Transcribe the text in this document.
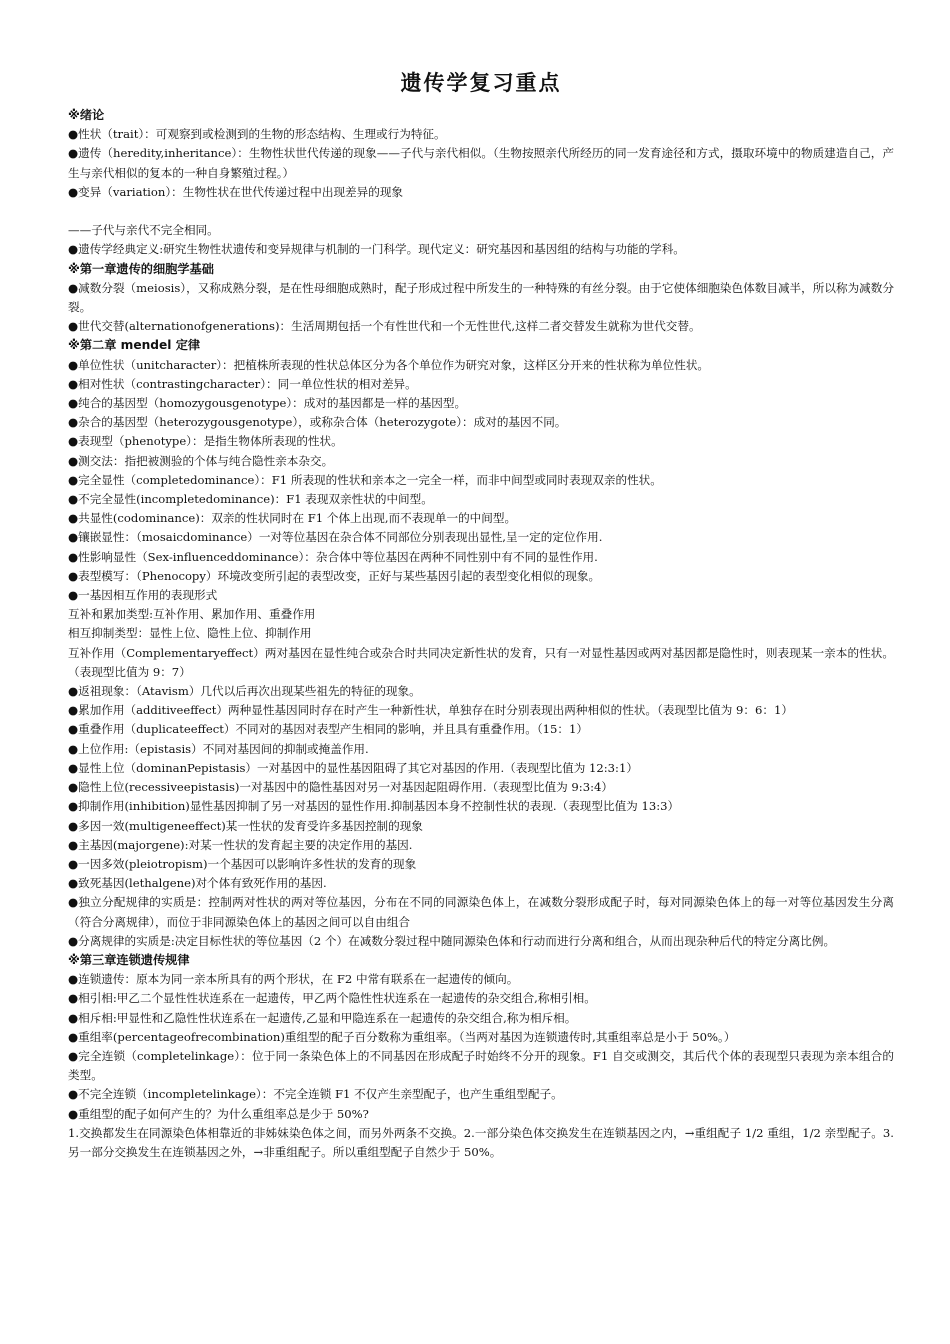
遗传学复习重点

※绪论

●性状（trait）：可观察到或检测到的生物的形态结构、生理或行为特征。

●遗传（heredity,inheritance）：生物性状世代传递的现象——子代与亲代相似。（生物按照亲代所经历的同一发育途径和方式，摄取环境中的物质建造自己，产生与亲代相似的复本的一种自身繁殖过程。）

●变异（variation）：生物性状在世代传递过程中出现差异的现象

——子代与亲代不完全相同。

●遗传学经典定义:研究生物性状遗传和变异规律与机制的一门科学。现代定义：研究基因和基因组的结构与功能的学科。

※第一章遗传的细胞学基础

●减数分裂（meiosis），又称成熟分裂，是在性母细胞成熟时，配子形成过程中所发生的一种特殊的有丝分裂。由于它使体细胞染色体数目减半，所以称为减数分裂。

●世代交替(alternationofgenerations)：生活周期包括一个有性世代和一个无性世代,这样二者交替发生就称为世代交替。

※第二章 mendel 定律

●单位性状（unitcharacter）：把植株所表现的性状总体区分为各个单位作为研究对象，这样区分开来的性状称为单位性状。

●相对性状（contrastingcharacter）：同一单位性状的相对差异。

●纯合的基因型（homozygousgenotype）：成对的基因都是一样的基因型。

●杂合的基因型（heterozygousgenotype），或称杂合体（heterozygote）：成对的基因不同。

●表现型（phenotype）：是指生物体所表现的性状。

●测交法：指把被测验的个体与纯合隐性亲本杂交。

●完全显性（completedominance）：F1 所表现的性状和亲本之一完全一样，而非中间型或同时表现双亲的性状。

●不完全显性(incompletedominance)：F1 表现双亲性状的中间型。

●共显性(codominance)：双亲的性状同时在 F1 个体上出现,而不表现单一的中间型。

●镶嵌显性：（mosaicdominance）一对等位基因在杂合体不同部位分别表现出显性,呈一定的定位作用.

●性影响显性（Sex-influenceddominance）：杂合体中等位基因在两种不同性别中有不同的显性作用.

●表型模写：（Phenocopy）环境改变所引起的表型改变，正好与某些基因引起的表型变化相似的现象。

●一基因相互作用的表现形式

互补和累加类型:互补作用、累加作用、重叠作用

相互抑制类型：显性上位、隐性上位、抑制作用

互补作用（Complementaryeffect）两对基因在显性纯合或杂合时共同决定新性状的发育，只有一对显性基因或两对基因都是隐性时，则表现某一亲本的性状。（表现型比值为 9：7）

●返祖现象：（Atavism）几代以后再次出现某些祖先的特征的现象。

●累加作用（additiveeffect）两种显性基因同时存在时产生一种新性状，单独存在时分别表现出两种相似的性状。（表现型比值为 9：6：1）

●重叠作用（duplicateeffect）不同对的基因对表型产生相同的影响，并且具有重叠作用。（15：1）

●上位作用:（epistasis）不同对基因间的抑制或掩盖作用.

●显性上位（dominanPepistasis）一对基因中的显性基因阻碍了其它对基因的作用.（表现型比值为 12:3:1）

●隐性上位(recessiveepistasis)一对基因中的隐性基因对另一对基因起阻碍作用.（表现型比值为 9:3:4）

●抑制作用(inhibition)显性基因抑制了另一对基因的显性作用.抑制基因本身不控制性状的表现.（表现型比值为 13:3）

●多因一效(multigeneeffect)某一性状的发育受许多基因控制的现象

●主基因(majorgene):对某一性状的发育起主要的决定作用的基因.

●一因多效(pleiotropism)一个基因可以影响许多性状的发育的现象

●致死基因(lethalgene)对个体有致死作用的基因.

●独立分配规律的实质是：控制两对性状的两对等位基因，分布在不同的同源染色体上，在减数分裂形成配子时，每对同源染色体上的每一对等位基因发生分离（符合分离规律），而位于非同源染色体上的基因之间可以自由组合

●分离规律的实质是:决定目标性状的等位基因（2 个）在减数分裂过程中随同源染色体和行动而进行分离和组合，从而出现杂种后代的特定分离比例。

※第三章连锁遗传规律

●连锁遗传：原本为同一亲本所具有的两个形状，在 F2 中常有联系在一起遗传的倾向。

●相引相:甲乙二个显性性状连系在一起遗传，甲乙两个隐性性状连系在一起遗传的杂交组合,称相引相。

●相斥相:甲显性和乙隐性性状连系在一起遗传,乙显和甲隐连系在一起遗传的杂交组合,称为相斥相。

●重组率(percentageofrecombination)重组型的配子百分数称为重组率。（当两对基因为连锁遗传时,其重组率总是小于 50%。）

●完全连锁（completelinkage）：位于同一条染色体上的不同基因在形成配子时始终不分开的现象。F1 自交或测交，其后代个体的表现型只表现为亲本组合的类型。

●不完全连锁（incompletelinkage）：不完全连锁 F1 不仅产生亲型配子，也产生重组型配子。

●重组型的配子如何产生的？为什么重组率总是少于 50%?

1.交换都发生在同源染色体相靠近的非姊妹染色体之间，而另外两条不交换。2.一部分染色体交换发生在连锁基因之内，→重组配子 1/2 重组，1/2 亲型配子。3.另一部分交换发生在连锁基因之外，→非重组配子。所以重组型配子自然少于 50%。
